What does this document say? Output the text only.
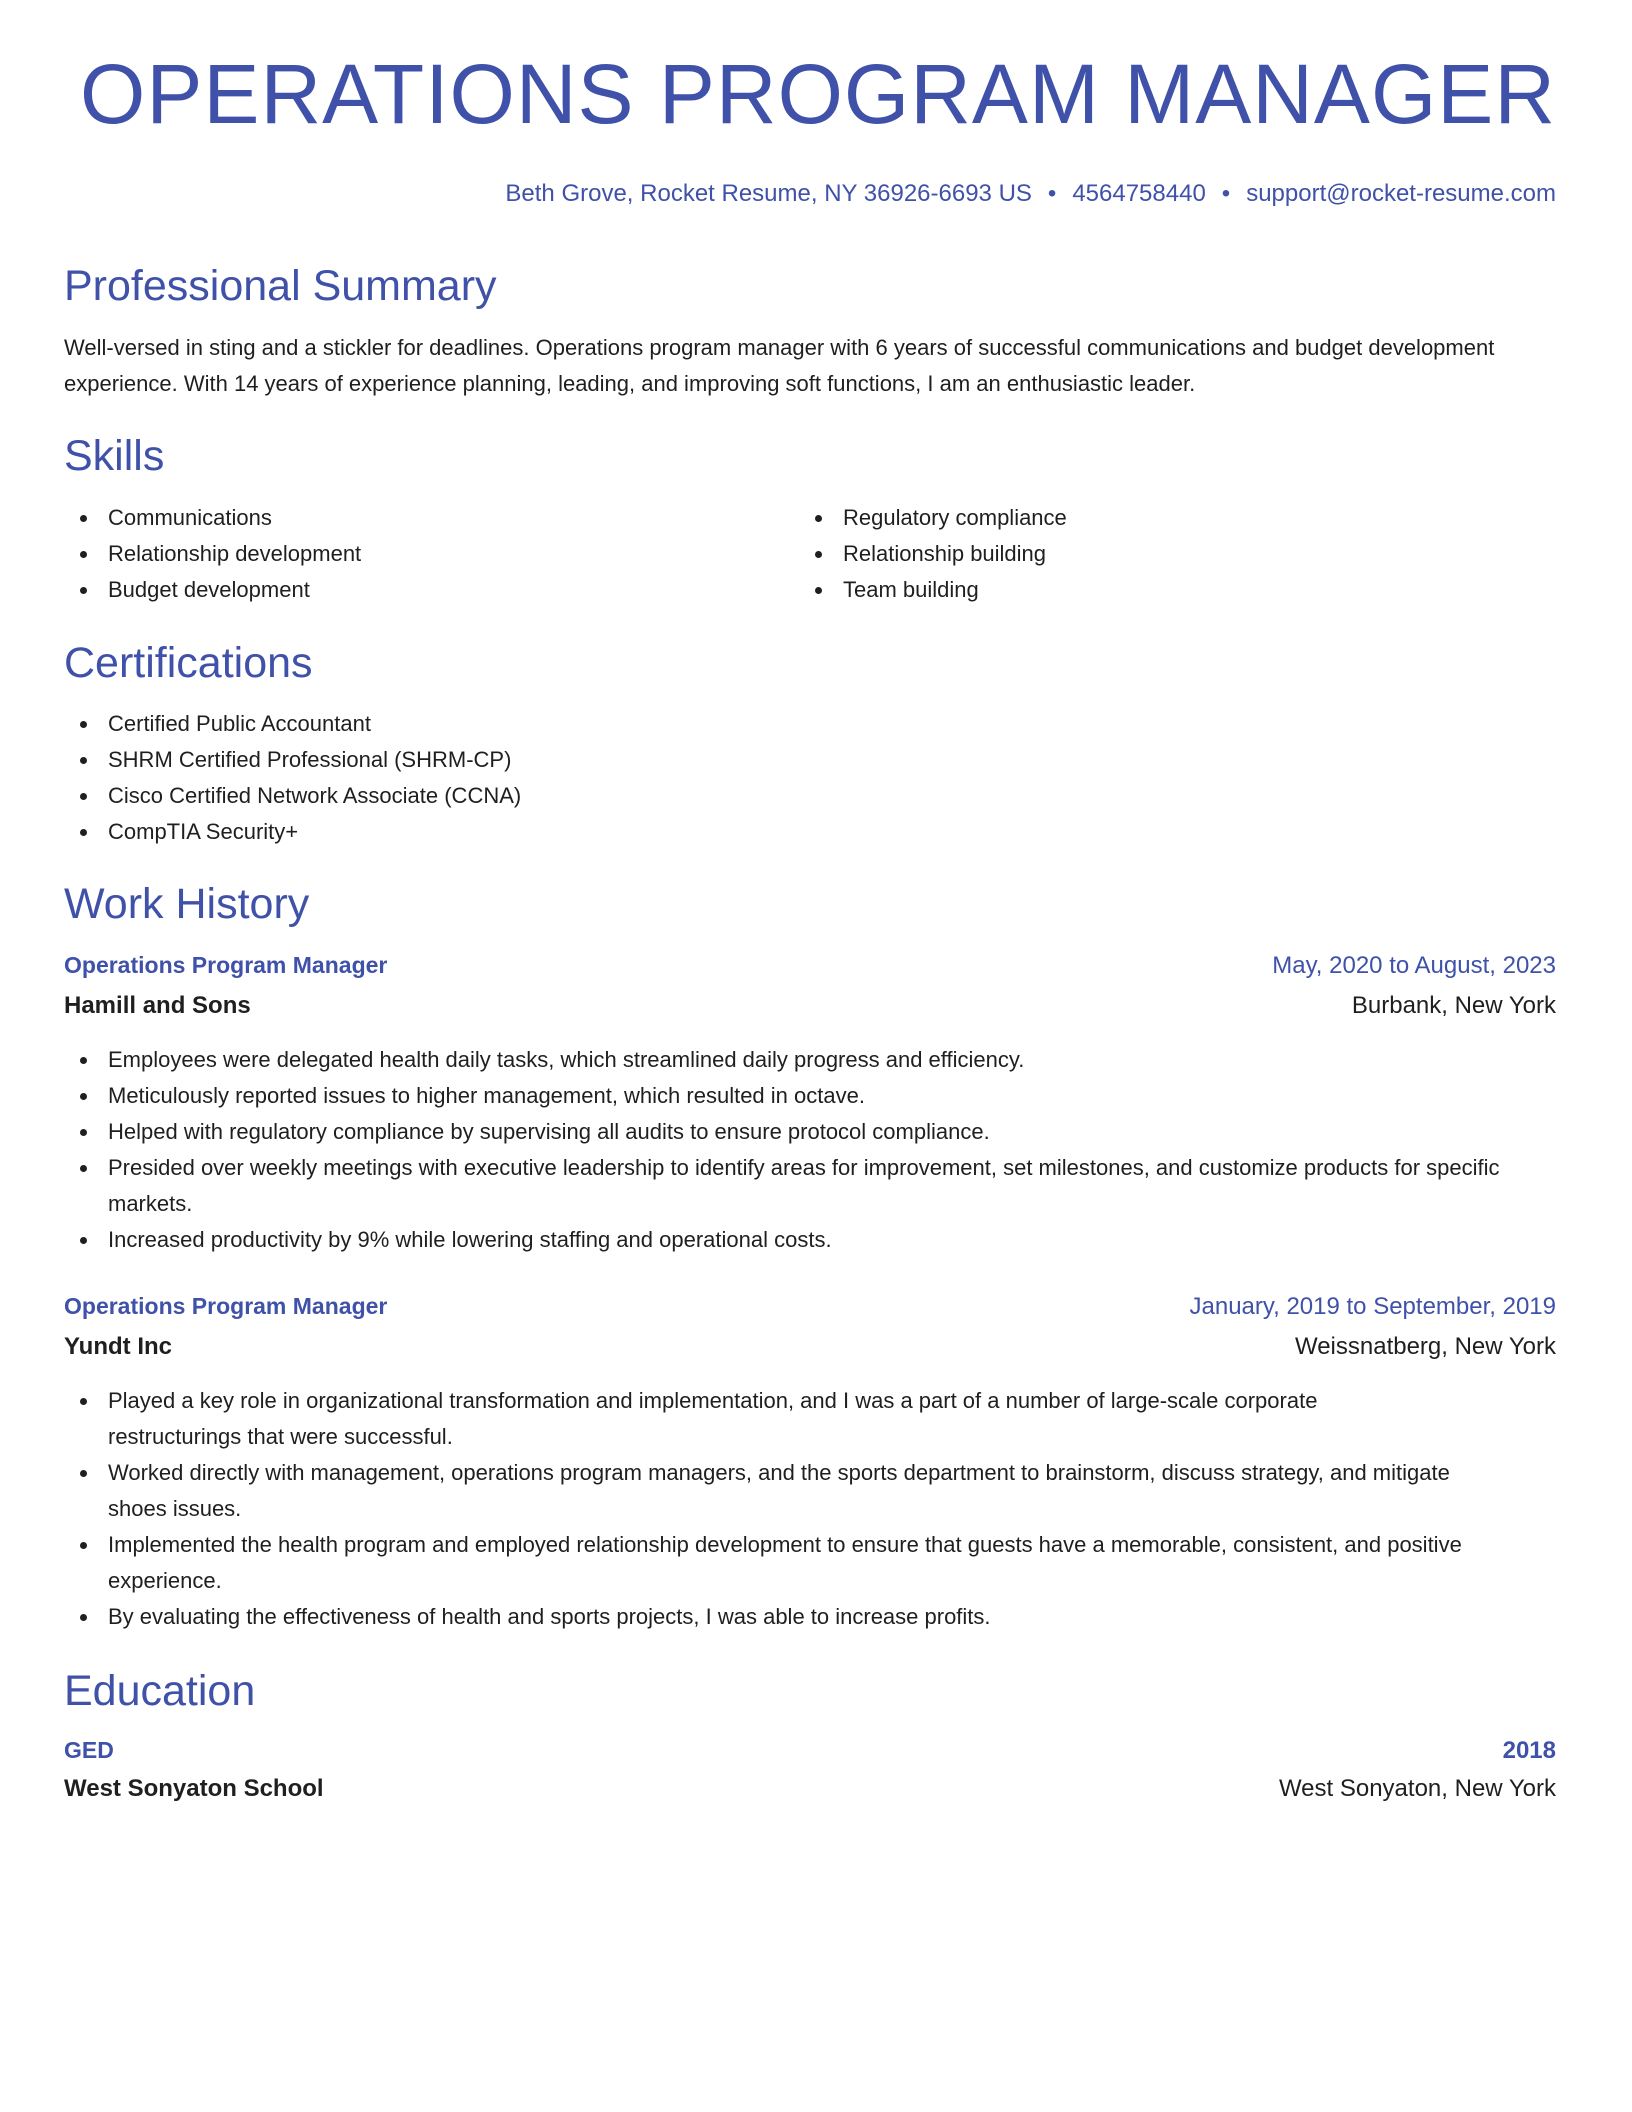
OPERATIONS PROGRAM MANAGER
Beth Grove, Rocket Resume, NY 36926-6693 US • 4564758440 • support@rocket-resume.com
Professional Summary

Well-versed in sting and a stickler for deadlines. Operations program manager with 6 years of successful communications and budget development experience. With 14 years of experience planning, leading, and improving soft functions, I am an enthusiastic leader.

Skills
Communications
Relationship development
Budget development
Regulatory compliance
Relationship building
Team building
Certifications
Certified Public Accountant
SHRM Certified Professional (SHRM-CP)
Cisco Certified Network Associate (CCNA)
CompTIA Security+
Work History
Operations Program Manager	May, 2020 to August, 2023
Hamill and Sons	Burbank, New York
Employees were delegated health daily tasks, which streamlined daily progress and efficiency.
Meticulously reported issues to higher management, which resulted in octave.
Helped with regulatory compliance by supervising all audits to ensure protocol compliance.
Presided over weekly meetings with executive leadership to identify areas for improvement, set milestones, and customize products for specific markets.
Increased productivity by 9% while lowering staffing and operational costs.
Operations Program Manager	January, 2019 to September, 2019
Yundt Inc	Weissnatberg, New York
Played a key role in organizational transformation and implementation, and I was a part of a number of large-scale corporate restructurings that were successful.
Worked directly with management, operations program managers, and the sports department to brainstorm, discuss strategy, and mitigate shoes issues.
Implemented the health program and employed relationship development to ensure that guests have a memorable, consistent, and positive experience.
By evaluating the effectiveness of health and sports projects, I was able to increase profits.
Education
GED	2018
West Sonyaton School	West Sonyaton, New York
